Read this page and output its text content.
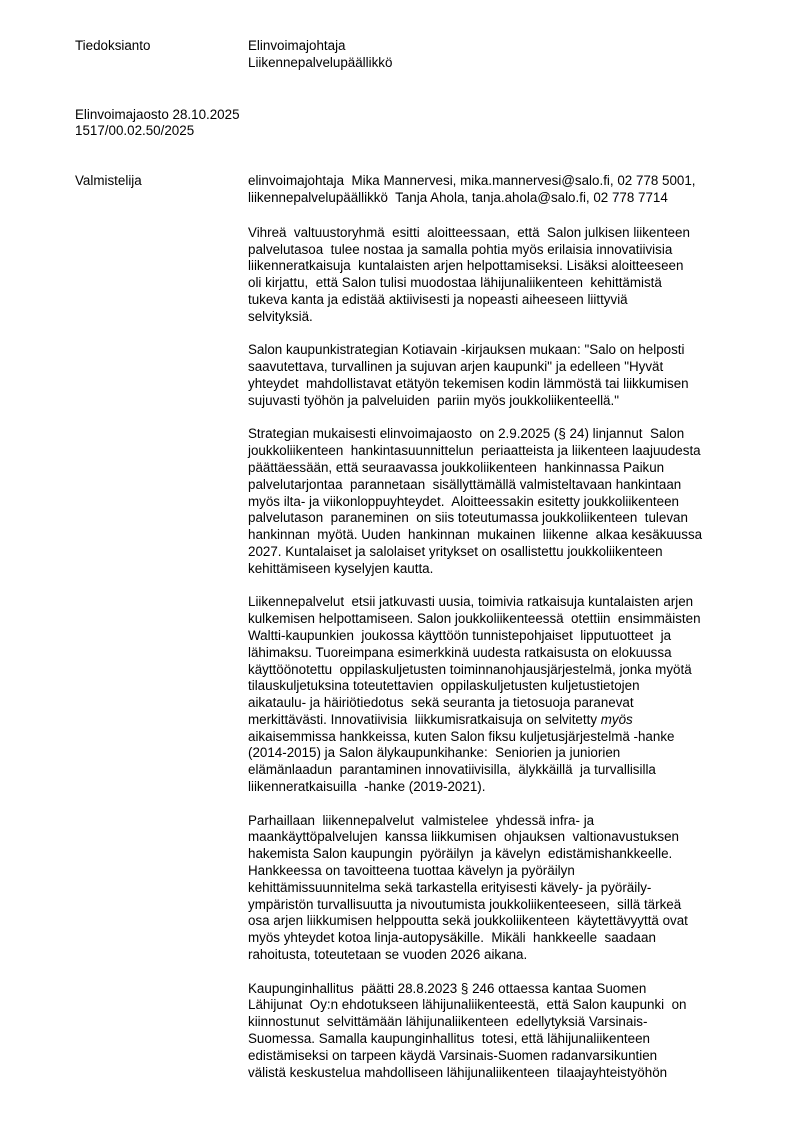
Tiedoksianto	Elinvoimajohtaja
Liikennepalvelupäällikkö
Elinvoimajaosto 28.10.2025
1517/00.02.50/2025
Valmistelija	elinvoimajohtaja  Mika Mannervesi, mika.mannervesi@salo.fi, 02 778 5001,
liikennepalvelupäällikkö  Tanja Ahola, tanja.ahola@salo.fi, 02 778 7714
Vihreä  valtuustoryhmä  esitti  aloitteessaan,  että  Salon julkisen liikenteen
palvelutasoa  tulee nostaa ja samalla pohtia myös erilaisia innovatiivisia
liikenneratkaisuja  kuntalaisten arjen helpottamiseksi. Lisäksi aloitteeseen
oli kirjattu,  että Salon tulisi muodostaa lähijunaliikenteen  kehittämistä
tukeva kanta ja edistää aktiivisesti ja nopeasti aiheeseen liittyviä
selvityksiä.
Salon kaupunkistrategian Kotiavain -kirjauksen mukaan: "Salo on helposti
saavutettava, turvallinen ja sujuvan arjen kaupunki" ja edelleen "Hyvät
yhteydet  mahdollistavat etätyön tekemisen kodin lämmöstä tai liikkumisen
sujuvasti työhön ja palveluiden  pariin myös joukkoliikenteellä."
Strategian mukaisesti elinvoimajaosto  on 2.9.2025 (§ 24) linjannut  Salon
joukkoliikenteen  hankintasuunnittelun  periaatteista ja liikenteen laajuudesta
päättäessään, että seuraavassa joukkoliikenteen  hankinnassa Paikun
palvelutarjontaa  parannetaan  sisällyttämällä valmisteltavaan hankintaan
myös ilta- ja viikonloppuyhteydet.  Aloitteessakin esitetty joukkoliikenteen
palvelutason  paraneminen  on siis toteutumassa joukkoliikenteen  tulevan
hankinnan  myötä. Uuden  hankinnan  mukainen  liikenne  alkaa kesäkuussa
2027. Kuntalaiset ja salolaiset yritykset on osallistettu joukkoliikenteen
kehittämiseen kyselyjen kautta.
Liikennepalvelut  etsii jatkuvasti uusia, toimivia ratkaisuja kuntalaisten arjen
kulkemisen helpottamiseen. Salon joukkoliikenteessä  otettiin  ensimmäisten
Waltti-kaupunkien  joukossa käyttöön tunnistepohjaiset  lipputuotteet  ja
lähimaksu. Tuoreimpana esimerkkinä uudesta ratkaisusta on elokuussa
käyttöönotettu  oppilaskuljetusten toiminnanohjausjärjestelmä, jonka myötä
tilauskuljetuksina toteutettavien  oppilaskuljetusten kuljetustietojen
aikataulu- ja häiriötiedotus  sekä seuranta ja tietosuoja paranevat
merkittävästi. Innovatiivisia  liikkumisratkaisuja on selvitetty myös
aikaisemmissa hankkeissa, kuten Salon fiksu kuljetusjärjestelmä -hanke
(2014-2015) ja Salon älykaupunkihanke:  Seniorien ja juniorien
elämänlaadun  parantaminen innovatiivisilla,  älykkäillä  ja turvallisilla
liikenneratkaisuilla  -hanke (2019-2021).
Parhaillaan  liikennepalvelut  valmistelee  yhdessä infra- ja
maankäyttöpalvelujen  kanssa liikkumisen  ohjauksen  valtionavustuksen
hakemista Salon kaupungin  pyöräilyn  ja kävelyn  edistämishankkeelle.
Hankkeessa on tavoitteena tuottaa kävelyn ja pyöräilyn
kehittämissuunnitelma sekä tarkastella erityisesti kävely- ja pyöräily-
ympäristön turvallisuutta ja nivoutumista joukkoliikenteeseen,  sillä tärkeä
osa arjen liikkumisen helppoutta sekä joukkoliikenteen  käytettävyyttä ovat
myös yhteydet kotoa linja-autopysäkille.  Mikäli  hankkeelle  saadaan
rahoitusta, toteutetaan se vuoden 2026 aikana.
Kaupunginhallitus  päätti 28.8.2023 § 246 ottaessa kantaa Suomen
Lähijunat  Oy:n ehdotukseen lähijunaliikenteestä,  että Salon kaupunki  on
kiinnostunut  selvittämään lähijunaliikenteen  edellytyksiä Varsinais-
Suomessa. Samalla kaupunginhallitus  totesi, että lähijunaliikenteen
edistämiseksi on tarpeen käydä Varsinais-Suomen radanvarsikuntien
välistä keskustelua mahdolliseen lähijunaliikenteen  tilaajayhteistyöhön
